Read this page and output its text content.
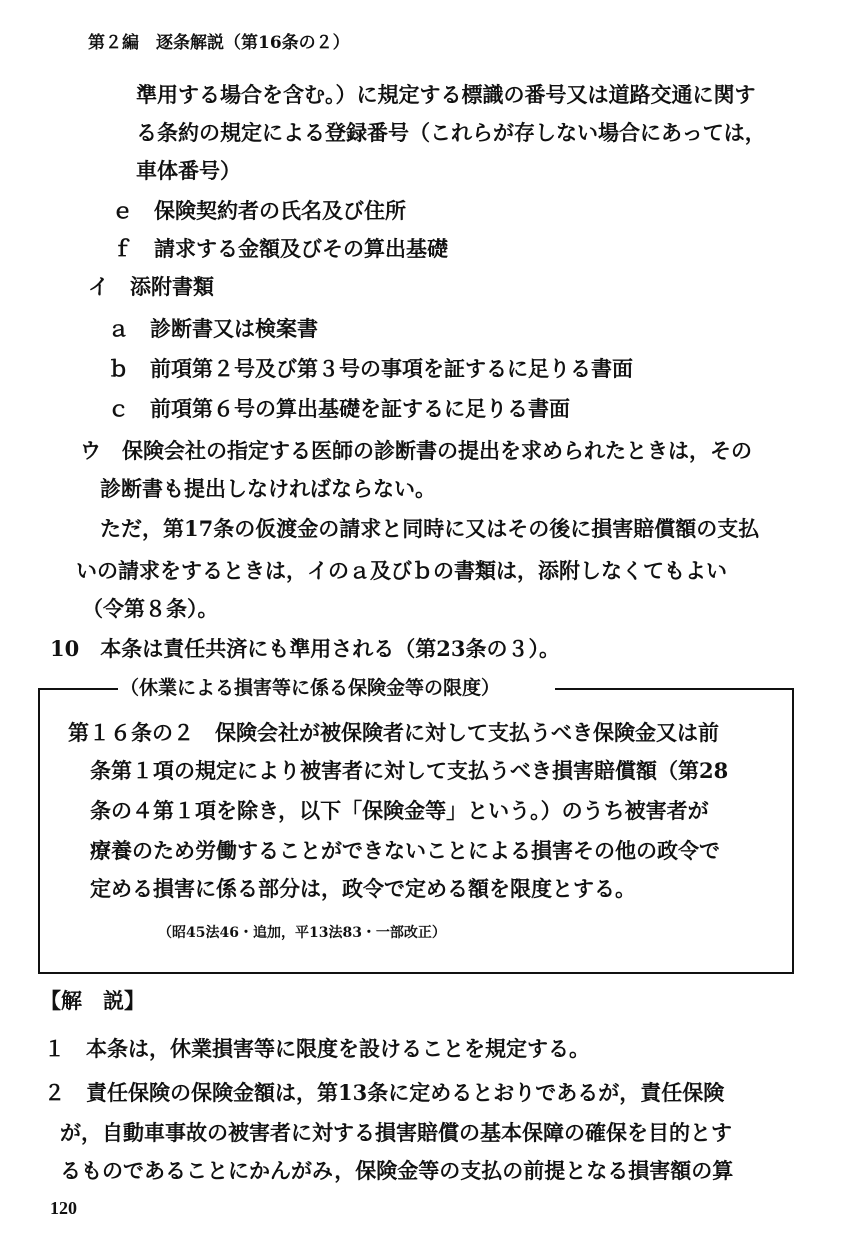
第２編　逐条解説（第16条の２）
準用する場合を含む。）に規定する標識の番号又は道路交通に関す
る条約の規定による登録番号（これらが存しない場合にあっては，
車体番号）
ｅ　保険契約者の氏名及び住所
ｆ　請求する金額及びその算出基礎
イ　添附書類
ａ　診断書又は検案書
ｂ　前項第２号及び第３号の事項を証するに足りる書面
ｃ　前項第６号の算出基礎を証するに足りる書面
ウ　保険会社の指定する医師の診断書の提出を求められたときは，その
診断書も提出しなければならない。
ただ，第17条の仮渡金の請求と同時に又はその後に損害賠償額の支払
いの請求をするときは，イのａ及びｂの書類は，添附しなくてもよい
（令第８条）。
10　本条は責任共済にも準用される（第23条の３）。
（休業による損害等に係る保険金等の限度）
第１６条の２　保険会社が被保険者に対して支払うべき保険金又は前
条第１項の規定により被害者に対して支払うべき損害賠償額（第28
条の４第１項を除き，以下「保険金等」という。）のうち被害者が
療養のため労働することができないことによる損害その他の政令で
定める損害に係る部分は，政令で定める額を限度とする。
（昭45法46・追加，平13法83・一部改正）
【解　説】
１　本条は，休業損害等に限度を設けることを規定する。
２　責任保険の保険金額は，第13条に定めるとおりであるが，責任保険
が，自動車事故の被害者に対する損害賠償の基本保障の確保を目的とす
るものであることにかんがみ，保険金等の支払の前提となる損害額の算
120
